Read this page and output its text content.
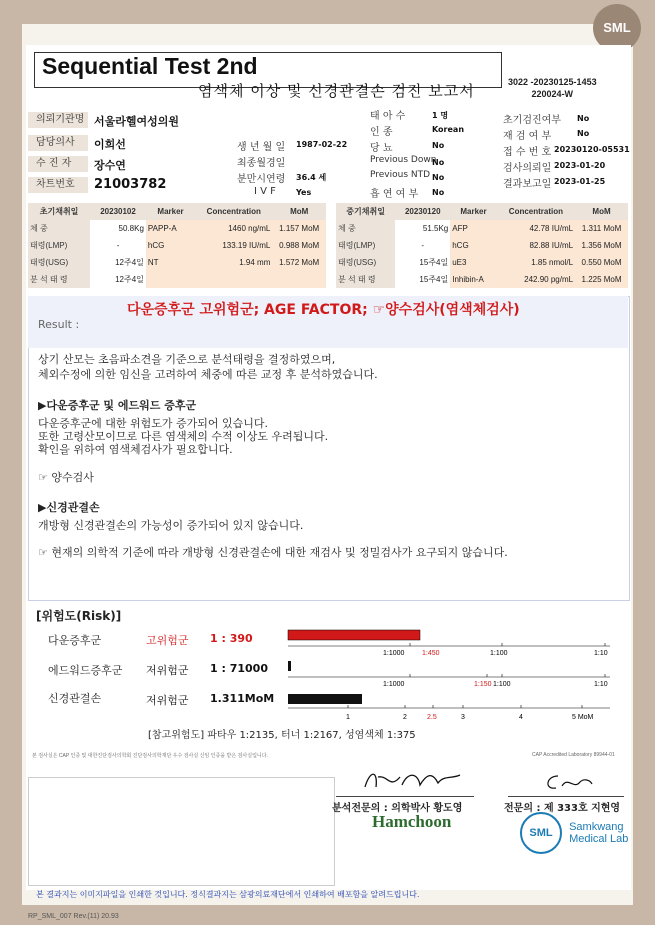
SML
Sequential Test 2nd
염색체 이상 및 신경관결손 검진 보고서	3022 -20230125-1453
220024-W
의뢰기관명 서울라헬여성의원
담당의사	이희선
수 진 자	장수연
차트번호	21003782
생 년 월 일 1987-02-22
최종월경일
분만시연령 36.4 세
I V F	Yes
태 아 수	1 명
인 종	Korean
당 뇨	No
Previous Down
No
Previous NTD No
흡 연 여 부 No
초기검진여부 No
재 검 여 부	No
접 수 번 호 20230120-05531
검사의뢰일 2023-01-20
결과보고일 2023-01-25
초기채취일	20230102	Marker	Concentration	MoM
체 중	50.8Kg	PAPP-A	1460 ng/mL	1.157 MoM
태령(LMP)	-	hCG	133.19 IU/mL	0.988 MoM
태령(USG)	12주4일	NT	1.94 mm	1.572 MoM
분 석 태 령	12주4일			
중기채취일	20230120	Marker	Concentration	MoM
체 중	51.5Kg	AFP	42.78 IU/mL	1.311 MoM
태령(LMP)	-	hCG	82.88 IU/mL	1.356 MoM
태령(USG)	15주4일	uE3	1.85 nmol/L	0.550 MoM
분 석 태 령	15주4일	Inhibin-A	242.90 pg/mL	1.225 MoM
Result :
다운증후군 고위험군; AGE FACTOR; ☞양수검사(염색체검사)
상기 산모는 초음파소견을 기준으로 분석태령을 결정하였으며,
체외수정에 의한 임신을 고려하여 체중에 따른 교정 후 분석하였습니다.
▶다운증후군 및 에드워드 증후군
다운증후군에 대한 위험도가 증가되어 있습니다.
또한 고령산모이므로 다른 염색체의 수적 이상도 우려됩니다.
확인을 위하여 염색체검사가 필요합니다.
☞ 양수검사
▶신경관결손
개방형 신경관결손의 가능성이 증가되어 있지 않습니다.
☞ 현재의 의학적 기준에 따라 개방형 신경관결손에 대한 재검사 및 정밀검사가 요구되지 않습니다.
[위험도(Risk)]
다운증후군	고위험군 1 : 390
1:1000	1:450	1:100	1:10
에드워드증후군 저위험군 1 : 71000
1:1000	1:150 1:100	1:10
신경관결손	저위험군 1.311MoM
1	2	2.5	3	4	5 MoM
[참고위험도] 파타우 1:2135, 터너 1:2167, 성염색체 1:375
본 검사실은 CAP 인증 및 대한진단검사의학회 진단검사의학재단 우수 검사실 신임 인증을 받은 검사실입니다.	CAP Accredited Laboratory 89944-01
분석전문의 : 의학박사 황도영	전문의 : 제 333호 지현영
Hamchoon
SML Samkwang
Medical Lab
본 결과지는 이미지파일을 인쇄한 것입니다. 정식결과지는 삼광의료재단에서 인쇄하여 배포함을 알려드립니다.
RP_SML_007 Rev.(11) 20.93
